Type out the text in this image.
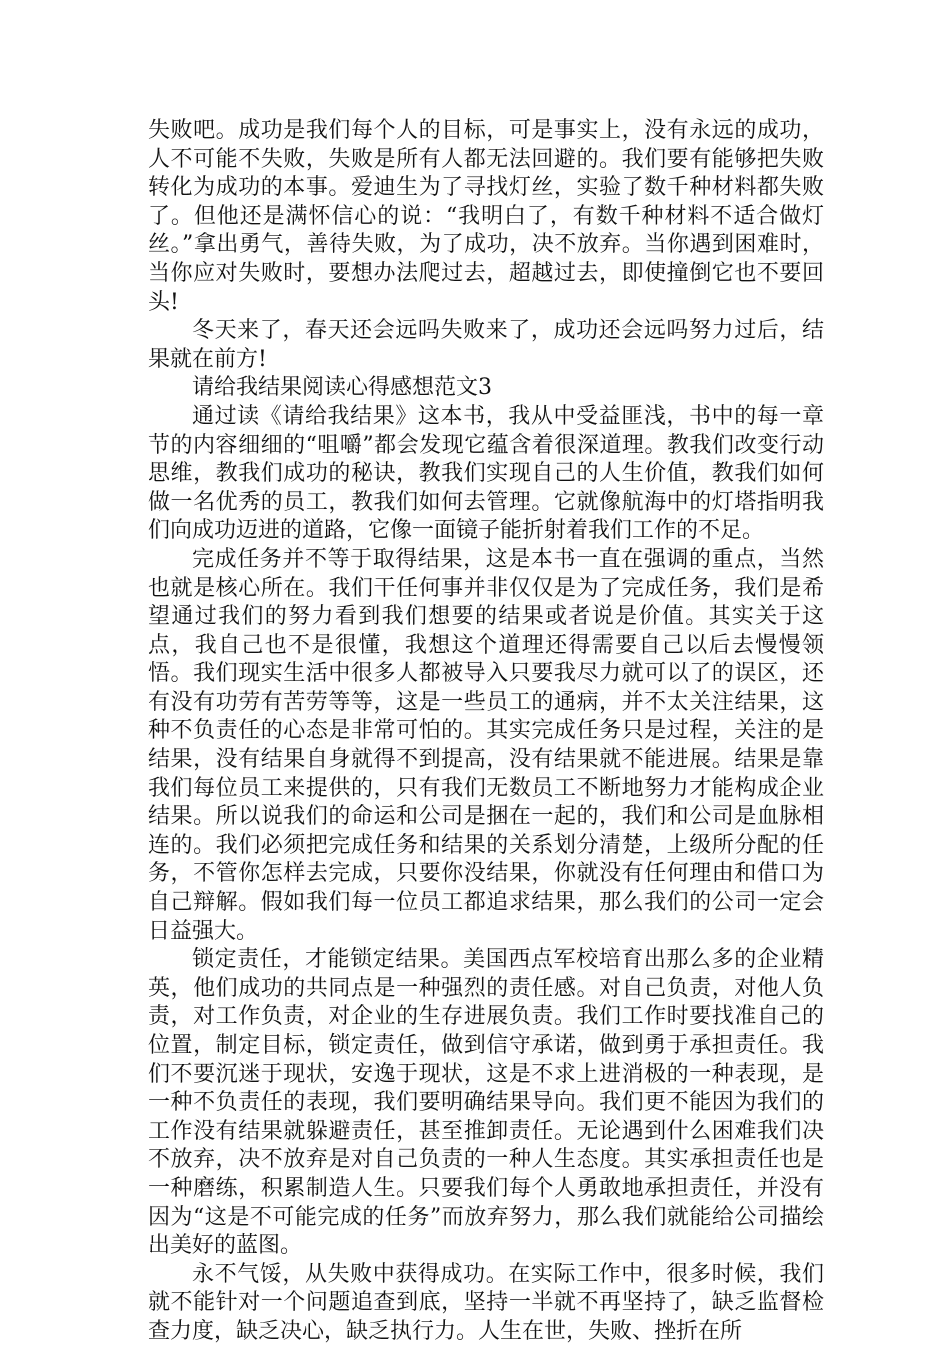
失败吧。成功是我们每个人的目标，可是事实上，没有永远的成功，人不可能不失败，失败是所有人都无法回避的。我们要有能够把失败转化为成功的本事。爱迪生为了寻找灯丝，实验了数千种材料都失败了。但他还是满怀信心的说：“我明白了，有数千种材料不适合做灯丝。”拿出勇气，善待失败，为了成功，决不放弃。当你遇到困难时，当你应对失败时，要想办法爬过去，超越过去，即使撞倒它也不要回头!

冬天来了，春天还会远吗失败来了，成功还会远吗努力过后，结果就在前方!

请给我结果阅读心得感想范文3

通过读《请给我结果》这本书，我从中受益匪浅，书中的每一章节的内容细细的“咀嚼”都会发现它蕴含着很深道理。教我们改变行动思维，教我们成功的秘诀，教我们实现自己的人生价值，教我们如何做一名优秀的员工，教我们如何去管理。它就像航海中的灯塔指明我们向成功迈进的道路，它像一面镜子能折射着我们工作的不足。

完成任务并不等于取得结果，这是本书一直在强调的重点，当然也就是核心所在。我们干任何事并非仅仅是为了完成任务，我们是希望通过我们的努力看到我们想要的结果或者说是价值。其实关于这点，我自己也不是很懂，我想这个道理还得需要自己以后去慢慢领悟。我们现实生活中很多人都被导入只要我尽力就可以了的误区，还有没有功劳有苦劳等等，这是一些员工的通病，并不太关注结果，这种不负责任的心态是非常可怕的。其实完成任务只是过程，关注的是结果，没有结果自身就得不到提高，没有结果就不能进展。结果是靠我们每位员工来提供的，只有我们无数员工不断地努力才能构成企业结果。所以说我们的命运和公司是捆在一起的，我们和公司是血脉相连的。我们必须把完成任务和结果的关系划分清楚，上级所分配的任务，不管你怎样去完成，只要你没结果，你就没有任何理由和借口为自己辩解。假如我们每一位员工都追求结果，那么我们的公司一定会日益强大。

锁定责任，才能锁定结果。美国西点军校培育出那么多的企业精英，他们成功的共同点是一种强烈的责任感。对自己负责，对他人负责，对工作负责，对企业的生存进展负责。我们工作时要找准自己的位置，制定目标，锁定责任，做到信守承诺，做到勇于承担责任。我们不要沉迷于现状，安逸于现状，这是不求上进消极的一种表现，是一种不负责任的表现，我们要明确结果导向。我们更不能因为我们的工作没有结果就躲避责任，甚至推卸责任。无论遇到什么困难我们决不放弃，决不放弃是对自己负责的一种人生态度。其实承担责任也是一种磨练，积累制造人生。只要我们每个人勇敢地承担责任，并没有因为“这是不可能完成的任务”而放弃努力，那么我们就能给公司描绘出美好的蓝图。

永不气馁，从失败中获得成功。在实际工作中，很多时候，我们就不能针对一个问题追查到底，坚持一半就不再坚持了，缺乏监督检查力度，缺乏决心，缺乏执行力。人生在世，失败、挫折在所
